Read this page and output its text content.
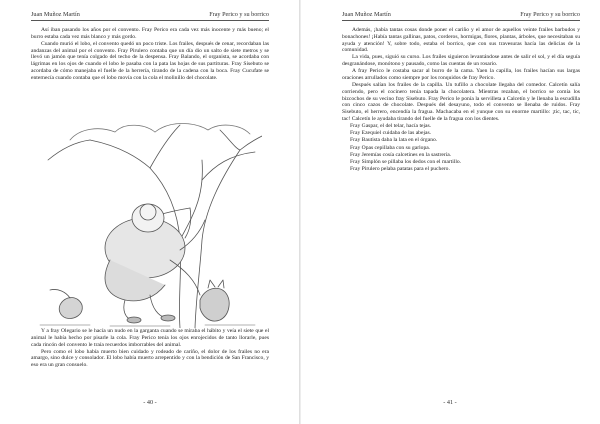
Juan Muñoz Martín	Fray Perico y su borrico

Así iban pasando los años por el convento. Fray Perico era cada vez más inocente y más bueno; el burro estaba cada vez más blanco y más gordo.

Cuando murió el lobo, el convento quedó un poco triste. Los frailes, después de cenar, recordaban las andanzas del animal por el convento. Fray Pirulero contaba que un día dio un salto de siete metros y se llevó un jamón que tenía colgado del techo de la despensa. Fray Balando, el organista, se acordaba con lágrimas en los ojos de cuando el lobo le pasaba con la pata las hojas de sus partituras. Fray Sisebuto se acordaba de cómo manejaba el fuelle de la herrería, tirando de la cadena con la boca. Fray Cucufate se enternecía cuando contaba que el lobo movía con la cola el molinillo del chocolate.

Y a fray Olegario se le hacía un nudo en la garganta cuando se miraba el hábito y veía el siete que el animal le había hecho por pisarle la cola. Fray Perico tenía los ojos enrojecidos de tanto llorarle, pues cada rincón del convento le traía recuerdos imborrables del animal.

Pero como el lobo había muerto bien cuidado y rodeado de cariño, el dolor de los frailes no era amargo, sino dulce y consolador. El lobo había muerto arrepentido y con la bendición de San Francisco, y eso era un gran consuelo.

- 40 -
Juan Muñoz Martín	Fray Perico y su borrico

Además, ¡había tantas cosas donde poner el cariño y el amor de aquellos veinte frailes barbudos y bonachones! ¡Había tantas gallinas, patos, corderos, hormigas, flores, plantas, árboles, que necesitaban su ayuda y atención! Y, sobre todo, estaba el borrico, que con sus travesuras hacía las delicias de la comunidad.

La vida, pues, siguió su curso. Los frailes siguieron levantándose antes de salir el sol, y el día seguía desgranándose, monótono y pausado, como las cuentas de un rosario.

A fray Perico le costaba sacar al burro de la cama. Yaen la capilla, los frailes hacían sus largas oraciones arrullados como siempre por los ronquidos de fray Perico.

Después salían los frailes de la capilla. Un tufillo a chocolate llegaba del comedor. Calcetín salía corriendo, pero el cocinero tenía tapada la chocolatera. Mientras rezaban, el borrico se comía los bizcochos de su vecino fray Sisebuto. Fray Perico le ponía la servilleta a Calcetín y le llenaba la escudilla con cinco cazos de chocolate. Después del desayuno, todo el convento se llenaba de ruidos. Fray Sisebuto, el herrero, encendía la fragua. Machacaba en el yunque con su enorme martillo: ¡tic, tac, tic, tac! Calcetín le ayudaba tirando del fuelle de la fragua con los dientes.

Fray Gaspar, el del telar, hacía tejas.
Fray Ezequiel cuidaba de las abejas.
Fray Bautista daba la lata en el órgano.
Fray Opas cepillaba con su garlopa.
Fray Jeremías cosía calcetines en la sastrería.
Fray Simplón se pillaba los dedos con el martillo.
Fray Pirulero pelaba patatas para el puchero.
- 41 -
